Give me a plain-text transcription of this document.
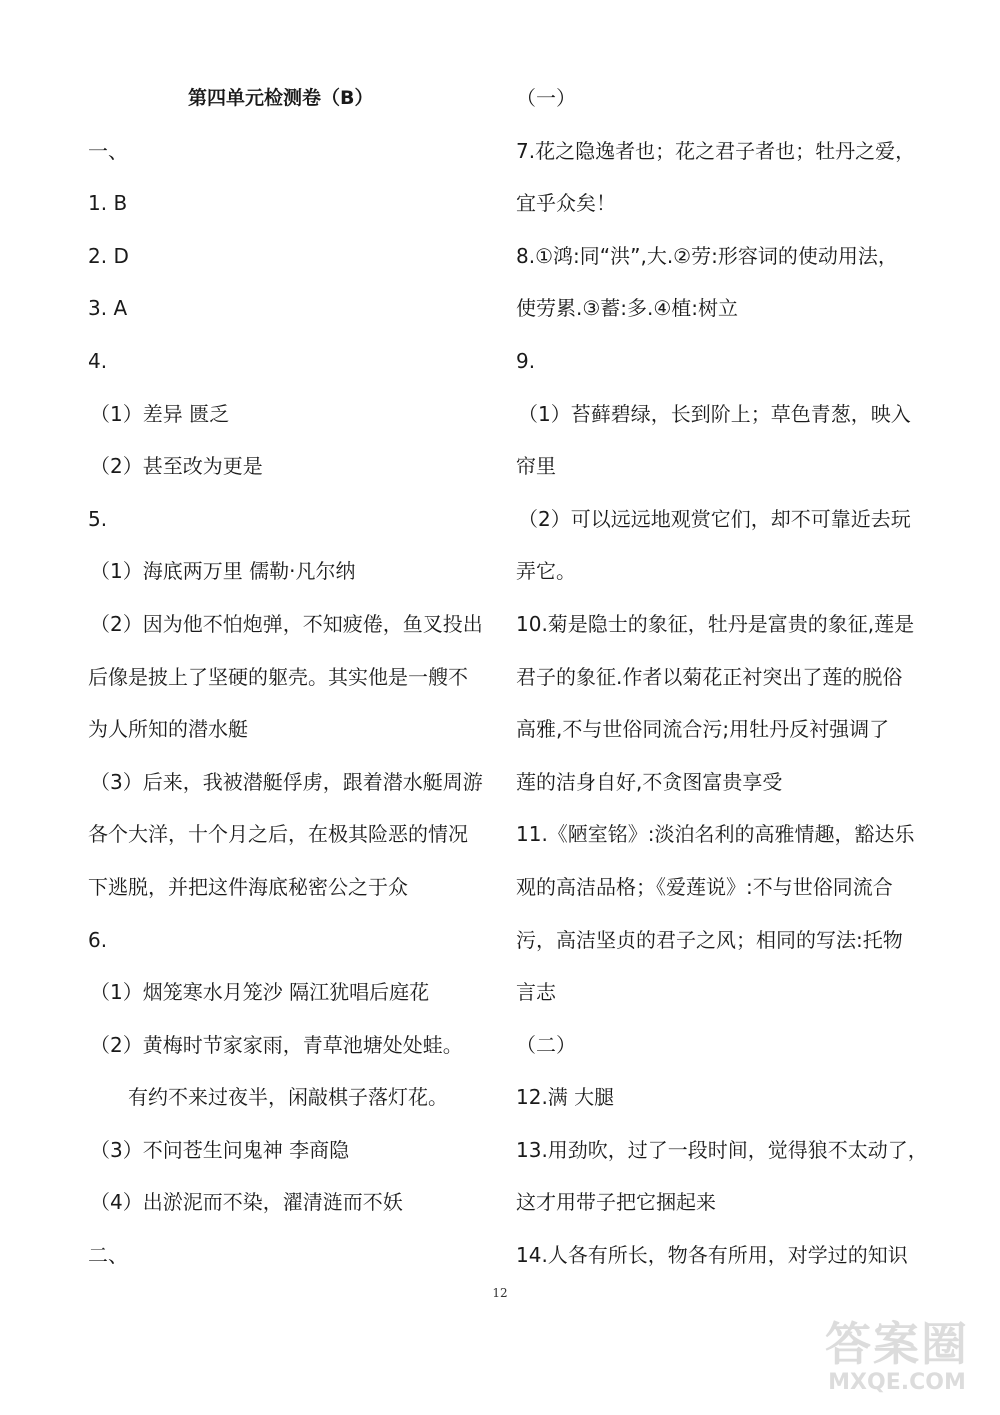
第四单元检测卷（B）
一、
1. B
2. D
3. A
4.
（1）差异 匮乏
（2）甚至改为更是
5.
（1）海底两万里 儒勒·凡尔纳
（2）因为他不怕炮弹，不知疲倦，鱼叉投出
后像是披上了坚硬的躯壳。其实他是一艘不
为人所知的潜水艇
（3）后来，我被潜艇俘虏，跟着潜水艇周游
各个大洋，十个月之后，在极其险恶的情况
下逃脱，并把这件海底秘密公之于众
6.
（1）烟笼寒水月笼沙 隔江犹唱后庭花
（2）黄梅时节家家雨，青草池塘处处蛙。
有约不来过夜半，闲敲棋子落灯花。
（3）不问苍生问鬼神 李商隐
（4）出淤泥而不染，濯清涟而不妖
二、
（一）
7.花之隐逸者也；花之君子者也；牡丹之爱，
宜乎众矣！
8.①鸿:同“洪”,大.②劳:形容词的使动用法，
使劳累.③蓄:多.④植:树立
9.
（1）苔藓碧绿，长到阶上；草色青葱，映入
帘里
（2）可以远远地观赏它们，却不可靠近去玩
弄它。
10.菊是隐士的象征，牡丹是富贵的象征,莲是
君子的象征.作者以菊花正衬突出了莲的脱俗
高雅,不与世俗同流合污;用牡丹反衬强调了
莲的洁身自好,不贪图富贵享受
11.《陋室铭》:淡泊名利的高雅情趣，豁达乐
观的高洁品格；《爱莲说》:不与世俗同流合
污，高洁坚贞的君子之风；相同的写法:托物
言志
（二）
12.满 大腿
13.用劲吹，过了一段时间，觉得狼不太动了，
这才用带子把它捆起来
14.人各有所长，物各有所用，对学过的知识
12
答案圈
MXQE.COM
